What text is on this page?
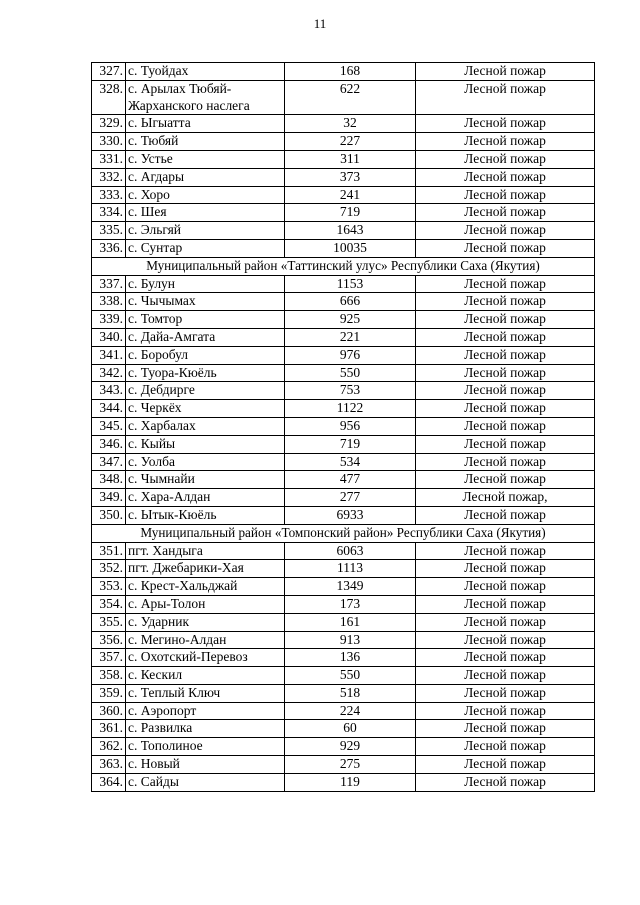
11
327.	с. Туойдах	168	Лесной пожар
328.	с. Арылах Тюбяй-Жарханского наслега	622	Лесной пожар
329.	с. Ыгыатта	32	Лесной пожар
330.	с. Тюбяй	227	Лесной пожар
331.	с. Устье	311	Лесной пожар
332.	с. Агдары	373	Лесной пожар
333.	с. Хоро	241	Лесной пожар
334.	с. Шея	719	Лесной пожар
335.	с. Эльгяй	1643	Лесной пожар
336.	с. Сунтар	10035	Лесной пожар
Муниципальный район «Таттинский улус» Республики Саха (Якутия)			
337.	с. Булун	1153	Лесной пожар
338.	с. Чычымах	666	Лесной пожар
339.	с. Томтор	925	Лесной пожар
340.	с. Дайа-Амгата	221	Лесной пожар
341.	с. Боробул	976	Лесной пожар
342.	с. Туора-Кюёль	550	Лесной пожар
343.	с. Дебдирге	753	Лесной пожар
344.	с. Черкёх	1122	Лесной пожар
345.	с. Харбалах	956	Лесной пожар
346.	с. Кыйы	719	Лесной пожар
347.	с. Уолба	534	Лесной пожар
348.	с. Чымнайи	477	Лесной пожар
349.	с. Хара-Алдан	277	Лесной пожар,
350.	с. Ытык-Кюёль	6933	Лесной пожар
Муниципальный район «Томпонский район» Республики Саха (Якутия)			
351.	пгт. Хандыга	6063	Лесной пожар
352.	пгт. Джебарики-Хая	1113	Лесной пожар
353.	с. Крест-Хальджай	1349	Лесной пожар
354.	с. Ары-Толон	173	Лесной пожар
355.	с. Ударник	161	Лесной пожар
356.	с. Мегино-Алдан	913	Лесной пожар
357.	с. Охотский-Перевоз	136	Лесной пожар
358.	с. Кескил	550	Лесной пожар
359.	с. Теплый Ключ	518	Лесной пожар
360.	с. Аэропорт	224	Лесной пожар
361.	с. Развилка	60	Лесной пожар
362.	с. Тополиное	929	Лесной пожар
363.	с. Новый	275	Лесной пожар
364.	с. Сайды	119	Лесной пожар
